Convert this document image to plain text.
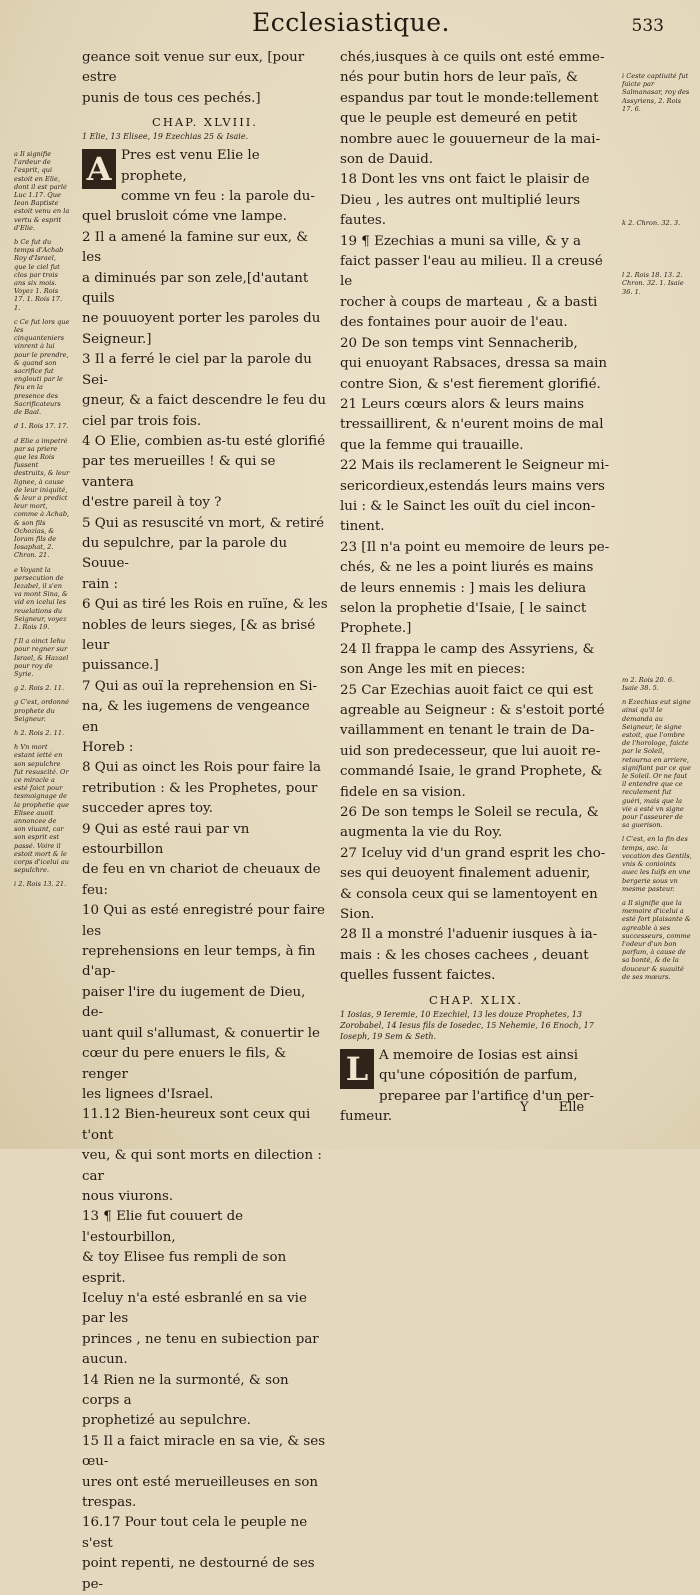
Ecclesiastique.	533

a Il signifie l'ardeur de l'esprit, qui estoit en Elie, dont il est parlé Luc 1.17. Que Iean Baptiste estoit venu en la vertu & esprit d'Elie.

b Ce fut du temps d'Achab Roy d'Israel, que le ciel fut clos par trois ans six mois. Voyez 1. Rois 17. 1. Rois 17. 1.

c Ce fut lors que les cinquanteniers vinrent à lui pour le prendre, & quand son sacrifice fut englouti par le feu en la presence des Sacrificateurs de Baal.

d 1. Rois 17. 17.

d Elie a impetré par sa priere que les Rois fussent destruits, & leur lignee, à cause de leur iniquité, & leur a predict leur mort, comme à Achab, & son fils Ochozias, & Ioram fils de Iosaphat, 2. Chron. 21.

e Voyant la persecution de Iezabel, il s'en va mont Sina, & vid en icelui les reuelations du Seigneur, voyez 1. Rois 19.

f Il a oinct Iehu pour regner sur Israel, & Hazael pour roy de Syrie.

g 2. Rois 2. 11.

g C'est, ordonné prophete du Seigneur.

h 2. Rois 2. 11.

h Vn mort estant ietté en son sepulchre fut resuscité. Or ce miracle a esté faict pour tesmoignage de la prophetie que Elisee auoit annoncee de son viuant, car son esprit est passé. Voire il estoit mort & le corps d'icelui au sepulchre.

i 2. Rois 13. 21.

geance soit venue sur eux, [pour estre

punis de tous ces pechés.]

CHAP. XLVIII.

1 Elie, 13 Elisee, 19 Ezechias 25 & Isaie.

A Pres est venu Elie le prophete,

comme vn feu : la parole du-

quel brusloit cóme vne lampe.

2 Il a amené la famine sur eux, & les

a diminués par son zele,[d'autant quils

ne pouuoyent porter les paroles du

Seigneur.]

3 Il a ferré le ciel par la parole du Sei-

gneur, & a faict descendre le feu du

ciel par trois fois.

4 O Elie, combien as-tu esté glorifié

par tes merueilles ! & qui se vantera

d'estre pareil à toy ?

5 Qui as resuscité vn mort, & retiré

du sepulchre, par la parole du Souue-

rain :

6 Qui as tiré les Rois en ruïne, & les

nobles de leurs sieges, [& as brisé leur

puissance.]

7 Qui as ouï la reprehension en Si-

na, & les iugemens de vengeance en

Horeb :

8 Qui as oinct les Rois pour faire la

retribution : & les Prophetes, pour

succeder apres toy.

9 Qui as esté raui par vn estourbillon

de feu en vn chariot de cheuaux de feu:

10 Qui as esté enregistré pour faire les

reprehensions en leur temps, à fin d'ap-

paiser l'ire du iugement de Dieu, de-

uant quil s'allumast, & conuertir le

cœur du pere enuers le fils, & renger

les lignees d'Israel.

11.12 Bien-heureux sont ceux qui t'ont

veu, & qui sont morts en dilection : car

nous viurons.

13 ¶ Elie fut couuert de l'estourbillon,

& toy Elisee fus rempli de son esprit.

Iceluy n'a esté esbranlé en sa vie par les

princes , ne tenu en subiection par

aucun.

14 Rien ne la surmonté, & son corps a

prophetizé au sepulchre.

15 Il a faict miracle en sa vie, & ses œu-

ures ont esté merueilleuses en son

trespas.

16.17 Pour tout cela le peuple ne s'est

point repenti, ne destourné de ses pe-

chés,iusques à ce quils ont esté emme-

nés pour butin hors de leur païs, &

espandus par tout le monde:tellement

que le peuple est demeuré en petit

nombre auec le gouuerneur de la mai-

son de Dauid.

18 Dont les vns ont faict le plaisir de

Dieu , les autres ont multiplié leurs

fautes.

19 ¶ Ezechias a muni sa ville, & y a

faict passer l'eau au milieu. Il a creusé le

rocher à coups de marteau , & a basti

des fontaines pour auoir de l'eau.

20 De son temps vint Sennacherib,

qui enuoyant Rabsaces, dressa sa main

contre Sion, & s'est fierement glorifié.

21 Leurs cœurs alors & leurs mains

tressaillirent, & n'eurent moins de mal

que la femme qui trauaille.

22 Mais ils reclamerent le Seigneur mi-

sericordieux,estendás leurs mains vers

lui : & le Sainct les ouït du ciel incon-

tinent.

23 [Il n'a point eu memoire de leurs pe-

chés, & ne les a point liurés es mains

de leurs ennemis : ] mais les deliura

selon la prophetie d'Isaie, [ le sainct

Prophete.]

24 Il frappa le camp des Assyriens, &

son Ange les mit en pieces:

25 Car Ezechias auoit faict ce qui est

agreable au Seigneur : & s'estoit porté

vaillamment en tenant le train de Da-

uid son predecesseur, que lui auoit re-

commandé Isaie, le grand Prophete, &

fidele en sa vision.

26 De son temps le Soleil se recula, &

augmenta la vie du Roy.

27 Iceluy vid d'un grand esprit les cho-

ses qui deuoyent finalement aduenir,

& consola ceux qui se lamentoyent en

Sion.

28 Il a monstré l'aduenir iusques à ia-

mais : & les choses cachees , deuant

quelles fussent faictes.

CHAP. XLIX.

1 Iosias, 9 Ieremie, 10 Ezechiel, 13 les douze Prophetes, 13 Zorobabel, 14 Iesus fils de Iosedec, 15 Nehemie, 16 Enoch, 17 Ioseph, 19 Sem & Seth.

L A memoire de Iosias est ainsi

qu'une cópositión de parfum,

preparee par l'artifice d'un per-

fumeur.

i Ceste captiuité fut faicte par Salmanasar, roy des Assyriens, 2. Rois 17. 6.

k 2. Chron. 32. 3.

l 2. Rois 18. 13. 2. Chron. 32. 1. Isaie 36. 1.

m 2. Rois 20. 6. Isaie 38. 5.

n Ezechias eut signe ainsi qu'il le demanda au Seigneur, le signe estoit, que l'ombre de l'horologe, faicte par le Soleil, retourna en arriere, signifiant par ce que le Soleil. Or ne faut il entendre que ce reculement fut guéri, mais que la vie a esté vn signe pour l'asseurer de sa guerison.

l C'est, en la fin des temps, asc. la vocation des Gentils, vnis & conioints auec les Iuifs en vne bergerie sous vn mesme pasteur.

a Il signifie que la memoire d'icelui a esté fort plaisante & agreable à ses successeurs, comme l'odeur d'un bon parfum, à cause de sa bonté, & de la douceur & suauité de ses mœurs.

Y Elle
